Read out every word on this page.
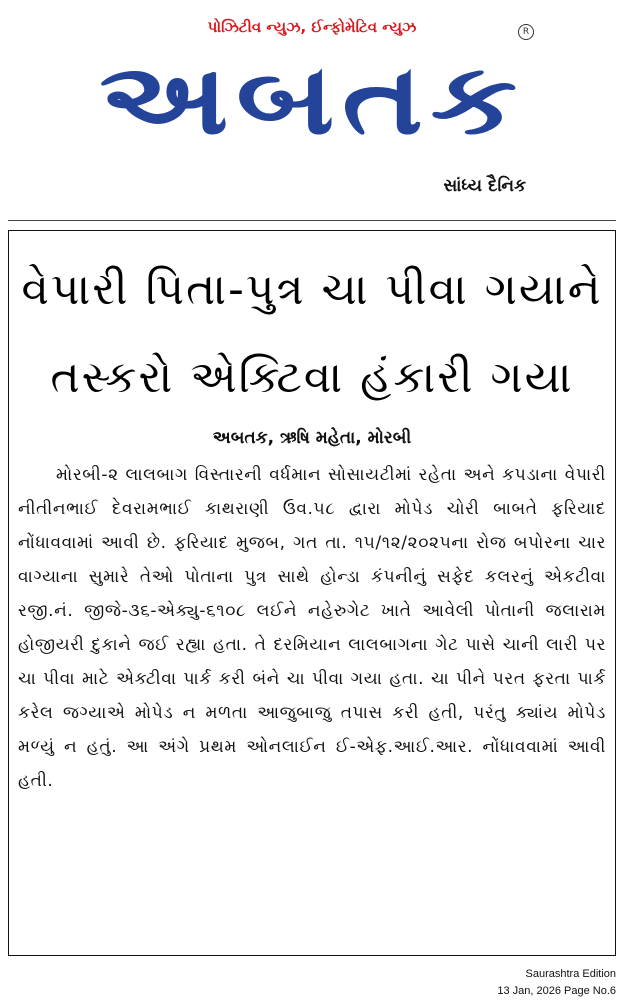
પોઝિટીવ ન્યુઝ, ઈન્ફોમેટિવ ન્યુઝ	R
અબતક
સાંધ્ય દૈનિક
વેપારી પિતા-પુત્ર ચા પીવા ગયાને
તસ્કરો એક્ટિવા હંકારી ગયા
અબતક, ઋષિ મહેતા, મોરબી
મોરબી-૨ લાલબાગ વિસ્તારની વર્ધમાન સોસાયટીમાં રહેતા અને કપડાના વેપારી નીતીનભાઈ દેવરામભાઈ કાથરાણી ઉવ.૫૮ દ્વારા મોપેડ ચોરી બાબતે ફરિયાદ નોંધાવવામાં આવી છે. ફરિયાદ મુજબ, ગત તા. ૧૫/૧૨/૨૦૨૫ના રોજ બપોરના ચાર વાગ્યાના સુમારે તેઓ પોતાના પુત્ર સાથે હોન્ડા કંપનીનું સફેદ કલરનું એકટીવા રજી.નં. જીજે-૩૬-એક્યુ-૬૧૦૮ લઈને નહેરુગેટ ખાતે આવેલી પોતાની જલારામ હોજીયરી દુકાને જઈ રહ્યા હતા. તે દરમિયાન લાલબાગના ગેટ પાસે ચાની લારી પર ચા પીવા માટે એક્ટીવા પાર્ક કરી બંને ચા પીવા ગયા હતા. ચા પીને પરત ફરતા પાર્ક કરેલ જગ્યાએ મોપેડ ન મળતા આજુબાજુ તપાસ કરી હતી, પરંતુ ક્યાંય મોપેડ મળ્યું ન હતું. આ અંગે પ્રથમ ઓનલાઈન ઈ-એફ.આઈ.આર. નોંધાવવામાં આવી હતી.
Saurashtra Edition
13 Jan, 2026 Page No.6
